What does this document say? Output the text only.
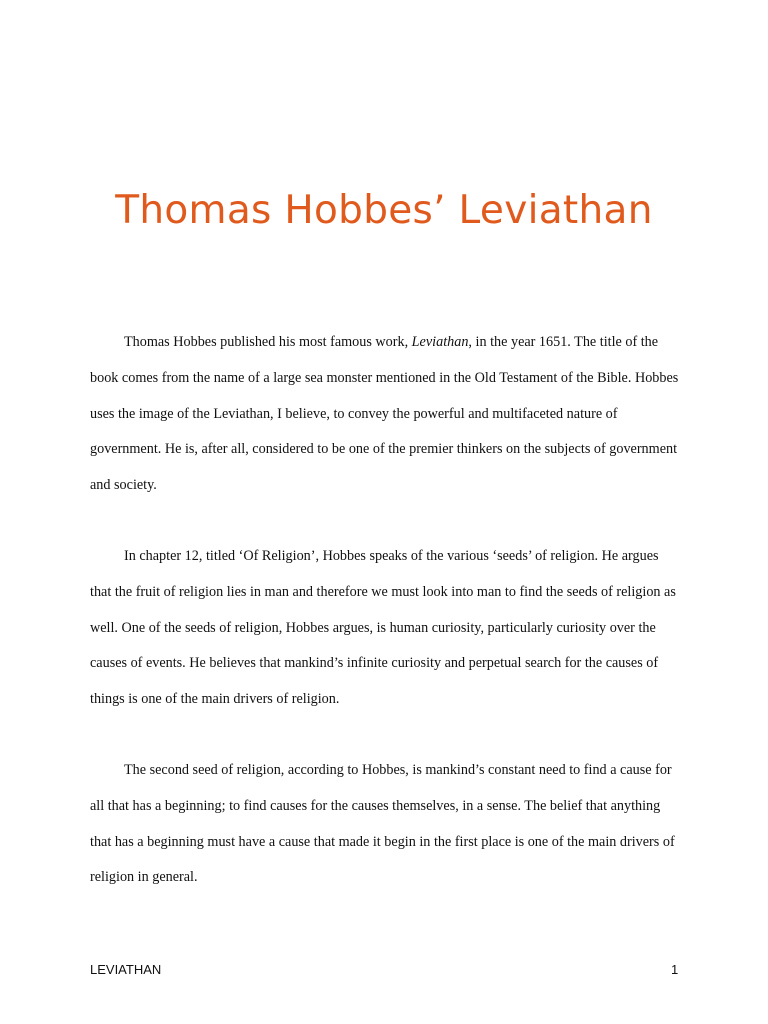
Thomas Hobbes’ Leviathan

Thomas Hobbes published his most famous work, Leviathan, in the year 1651. The title of the book comes from the name of a large sea monster mentioned in the Old Testament of the Bible. Hobbes uses the image of the Leviathan, I believe, to convey the powerful and multifaceted nature of government. He is, after all, considered to be one of the premier thinkers on the subjects of government and society.

In chapter 12, titled ‘Of Religion’, Hobbes speaks of the various ‘seeds’ of religion. He argues that the fruit of religion lies in man and therefore we must look into man to find the seeds of religion as well. One of the seeds of religion, Hobbes argues, is human curiosity, particularly curiosity over the causes of events. He believes that mankind’s infinite curiosity and perpetual search for the causes of things is one of the main drivers of religion.

The second seed of religion, according to Hobbes, is mankind’s constant need to find a cause for all that has a beginning; to find causes for the causes themselves, in a sense. The belief that anything that has a beginning must have a cause that made it begin in the first place is one of the main drivers of religion in general.

LEVIATHAN	1
